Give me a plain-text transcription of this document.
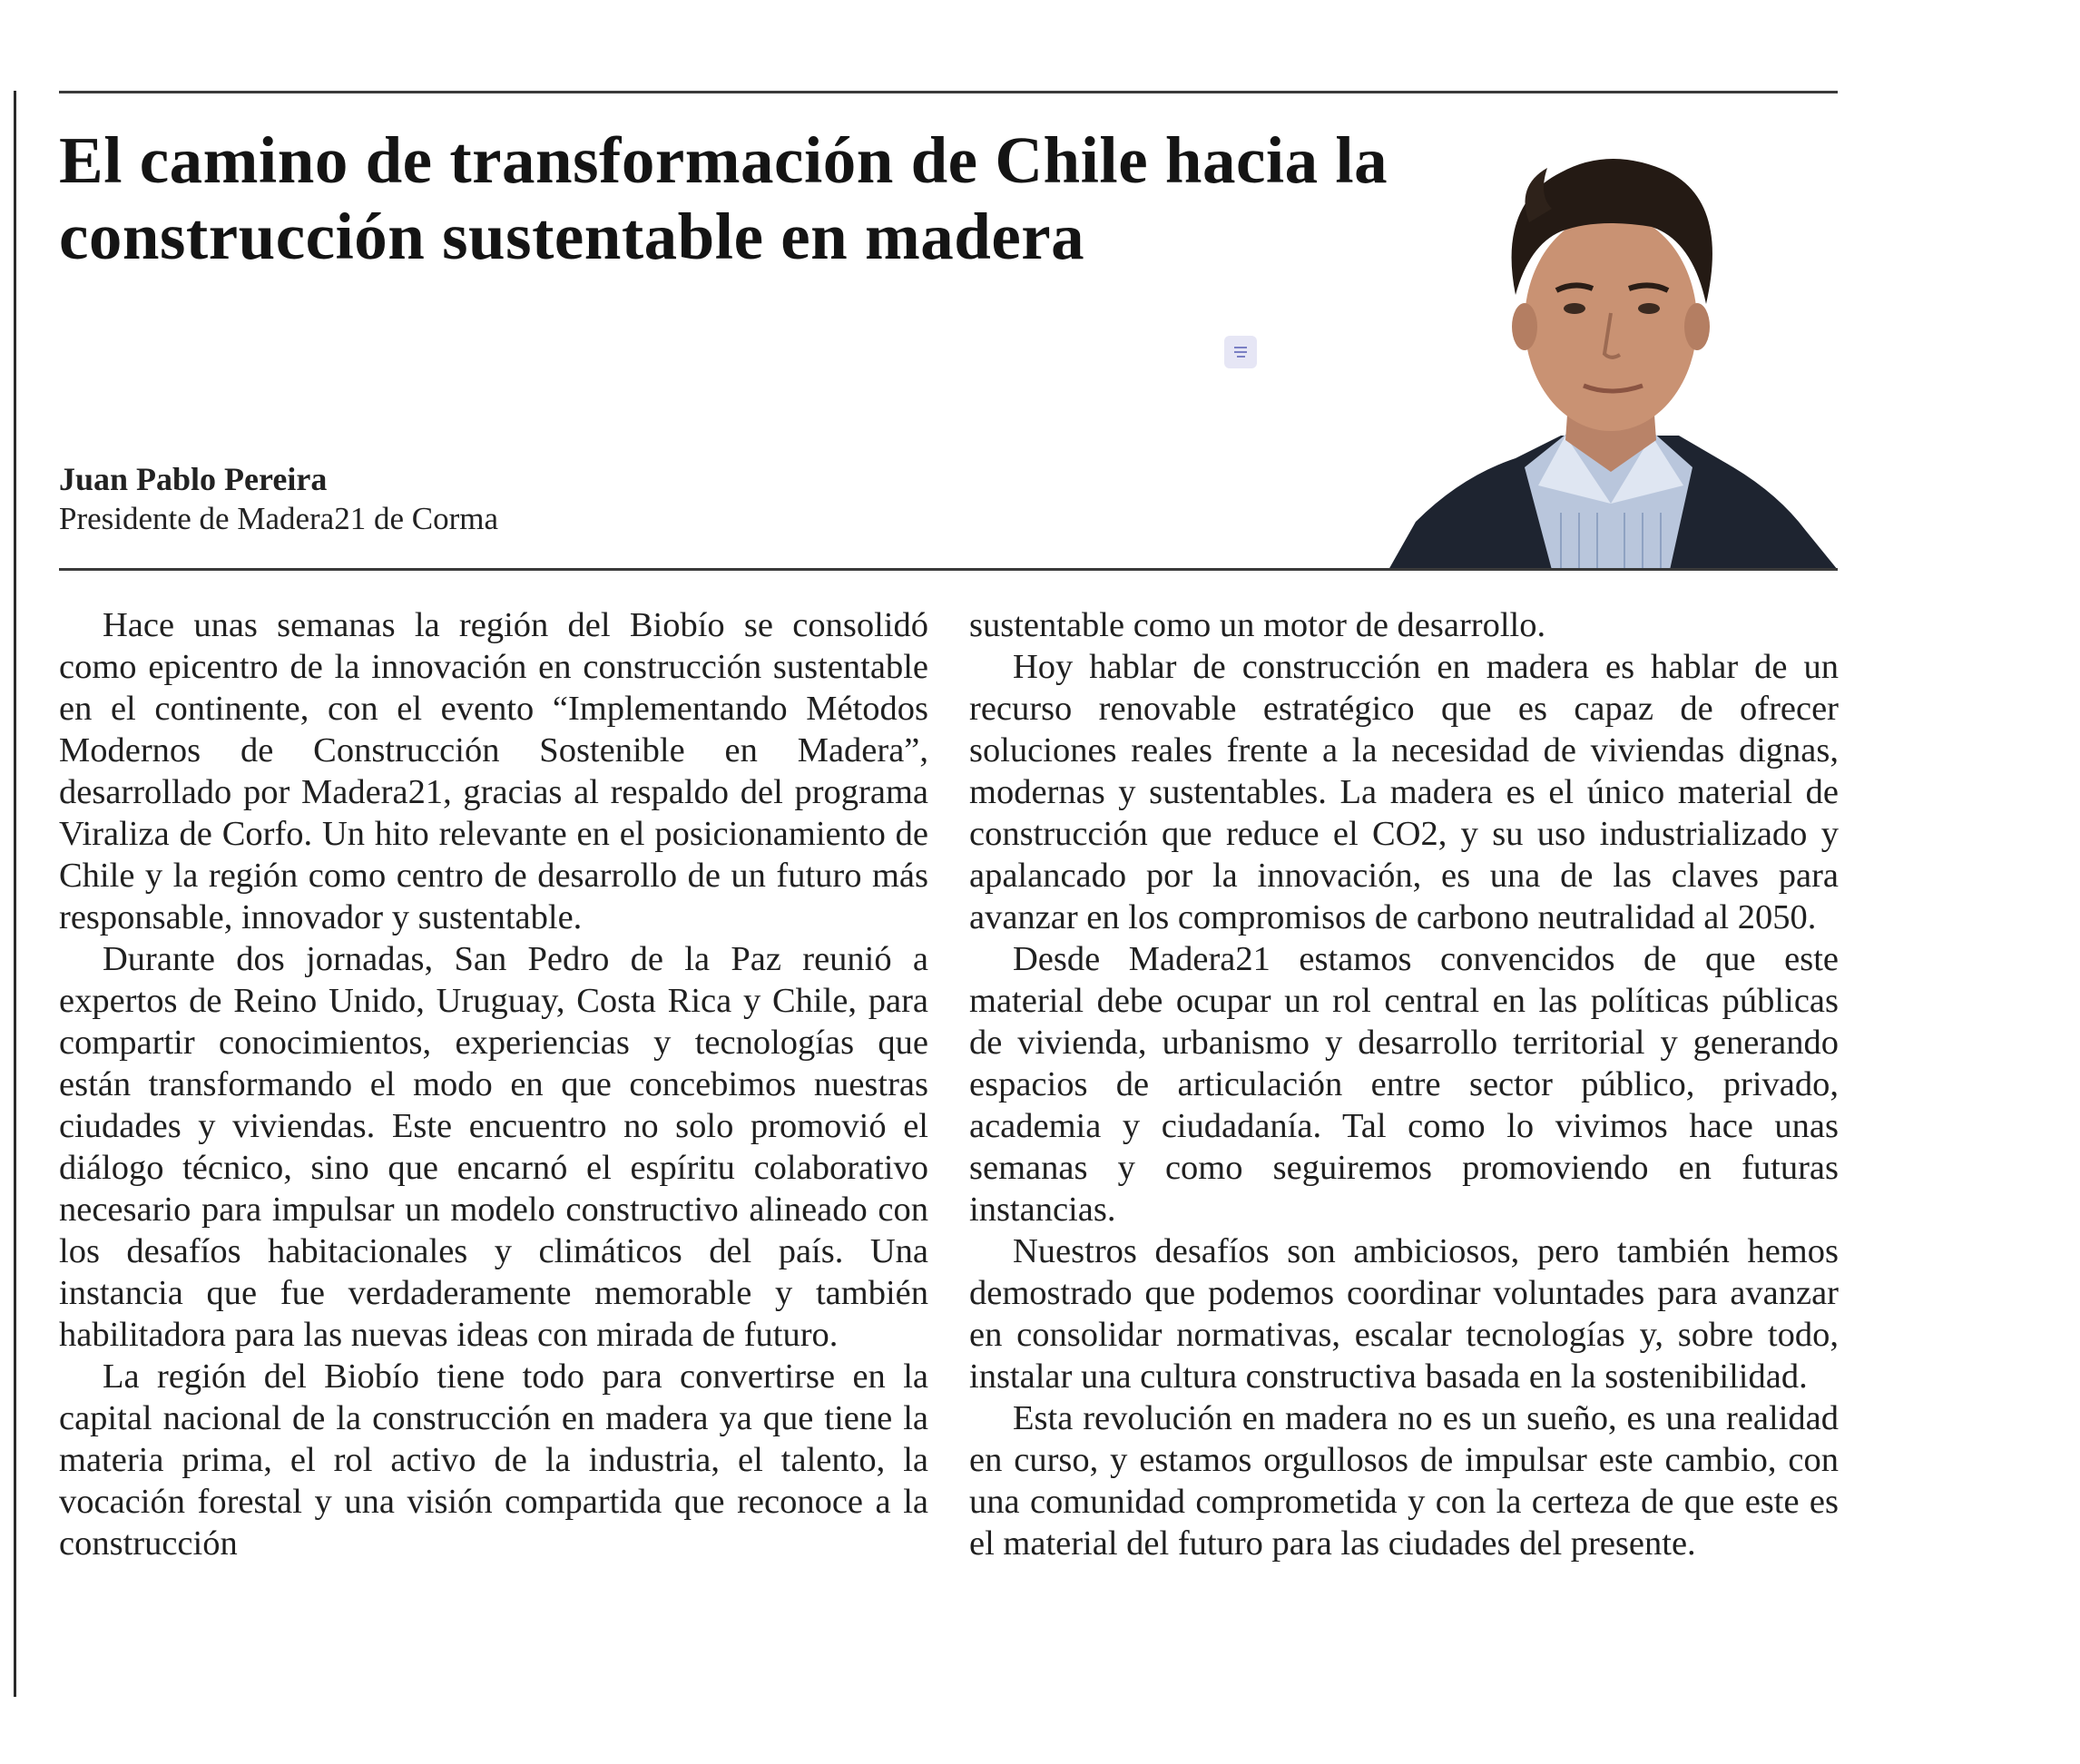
El camino de transformación de Chile hacia la construcción sustentable en madera
Juan Pablo Pereira
Presidente de Madera21 de Corma

Hace unas semanas la región del Biobío se consolidó como epicentro de la innovación en construcción sustentable en el continente, con el evento “Implementando Métodos Modernos de Construcción Sostenible en Madera”, desarrollado por Madera21, gracias al respaldo del programa Viraliza de Corfo. Un hito relevante en el posicionamiento de Chile y la región como centro de desarrollo de un futuro más responsable, innovador y sustentable.

Durante dos jornadas, San Pedro de la Paz reunió a expertos de Reino Unido, Uruguay, Costa Rica y Chile, para compartir conocimientos, experiencias y tecnologías que están transformando el modo en que concebimos nuestras ciudades y viviendas. Este encuentro no solo promovió el diálogo técnico, sino que encarnó el espíritu colaborativo necesario para impulsar un modelo constructivo alineado con los desafíos habitacionales y climáticos del país. Una instancia que fue verdaderamente memorable y también habilitadora para las nuevas ideas con mirada de futuro.

La región del Biobío tiene todo para convertirse en la capital nacional de la construcción en madera ya que tiene la materia prima, el rol activo de la industria, el talento, la vocación forestal y una visión compartida que reconoce a la construcción

sustentable como un motor de desarrollo.

Hoy hablar de construcción en madera es hablar de un recurso renovable estratégico que es capaz de ofrecer soluciones reales frente a la necesidad de viviendas dignas, modernas y sustentables. La madera es el único material de construcción que reduce el CO2, y su uso industrializado y apalancado por la innovación, es una de las claves para avanzar en los compromisos de carbono neutralidad al 2050.

Desde Madera21 estamos convencidos de que este material debe ocupar un rol central en las políticas públicas de vivienda, urbanismo y desarrollo territorial y generando espacios de articulación entre sector público, privado, academia y ciudadanía. Tal como lo vivimos hace unas semanas y como seguiremos promoviendo en futuras instancias.

Nuestros desafíos son ambiciosos, pero también hemos demostrado que podemos coordinar voluntades para avanzar en consolidar normativas, escalar tecnologías y, sobre todo, instalar una cultura constructiva basada en la sostenibilidad.

Esta revolución en madera no es un sueño, es una realidad en curso, y estamos orgullosos de impulsar este cambio, con una comunidad comprometida y con la certeza de que este es el material del futuro para las ciudades del presente.
